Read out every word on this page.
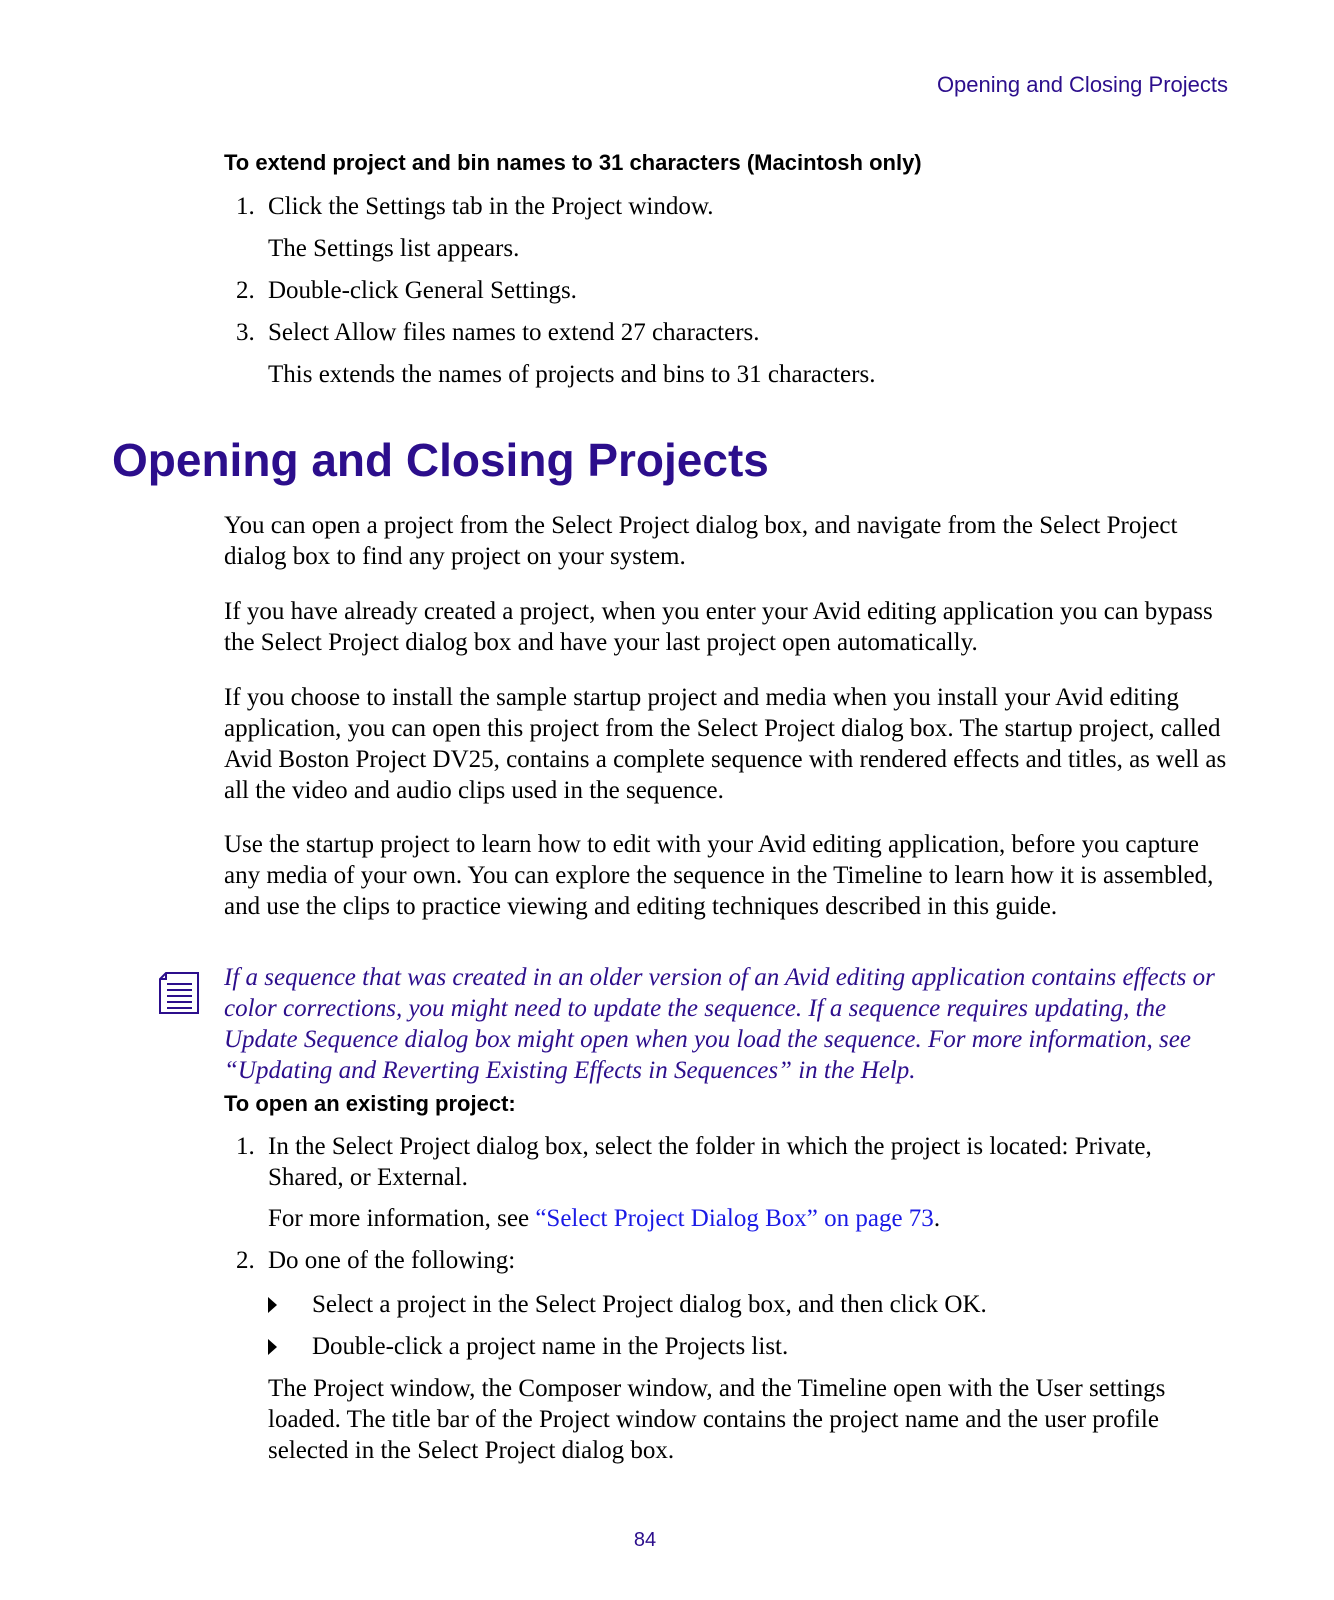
Opening and Closing Projects
To extend project and bin names to 31 characters (Macintosh only)
1. Click the Settings tab in the Project window.

The Settings list appears.

2. Double-click General Settings.

3. Select Allow files names to extend 27 characters.

This extends the names of projects and bins to 31 characters.

Opening and Closing Projects

You can open a project from the Select Project dialog box, and navigate from the Select Project dialog box to find any project on your system.

If you have already created a project, when you enter your Avid editing application you can bypass the Select Project dialog box and have your last project open automatically.

If you choose to install the sample startup project and media when you install your Avid editing application, you can open this project from the Select Project dialog box. The startup project, called Avid Boston Project DV25, contains a complete sequence with rendered effects and titles, as well as all the video and audio clips used in the sequence.

Use the startup project to learn how to edit with your Avid editing application, before you capture any media of your own. You can explore the sequence in the Timeline to learn how it is assembled, and use the clips to practice viewing and editing techniques described in this guide.

If a sequence that was created in an older version of an Avid editing application contains effects or color corrections, you might need to update the sequence. If a sequence requires updating, the Update Sequence dialog box might open when you load the sequence. For more information, see “Updating and Reverting Existing Effects in Sequences” in the Help.

To open an existing project:
1. In the Select Project dialog box, select the folder in which the project is located: Private, Shared, or External.

For more information, see “Select Project Dialog Box” on page 73.

2. Do one of the following:

Select a project in the Select Project dialog box, and then click OK.
Double-click a project name in the Projects list.

The Project window, the Composer window, and the Timeline open with the User settings loaded. The title bar of the Project window contains the project name and the user profile selected in the Select Project dialog box.

84
